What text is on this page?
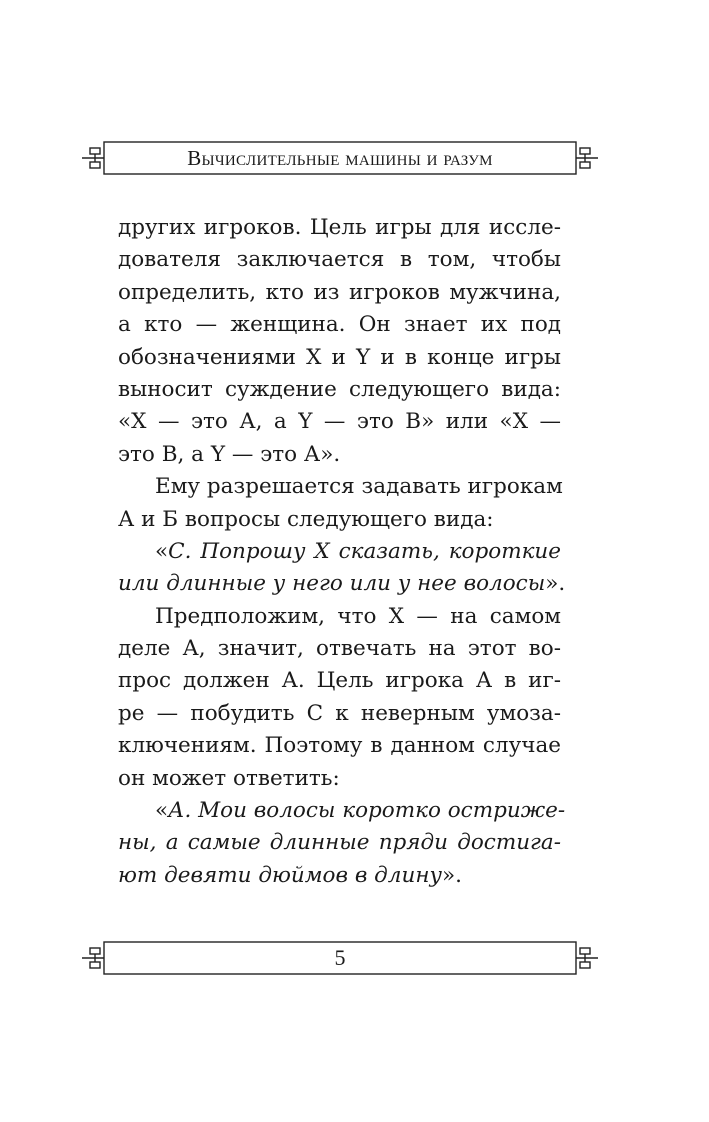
Вычислительные машины и разум
других игроков. Цель игры для иссле-
дователя заключается в том, чтобы
определить, кто из игроков мужчина,
а кто — женщина. Он знает их под
обозначениями X и Y и в конце игры
выносит суждение следующего вида:
«X — это А, а Y — это В» или «X —
это В, а Y — это А».
Ему разрешается задавать игрокам
А и Б вопросы следующего вида:
«С. Попрошу X сказать, короткие
или длинные у него или у нее волосы».
Предположим, что X — на самом
деле А, значит, отвечать на этот во-
прос должен А. Цель игрока А в иг-
ре — побудить С к неверным умоза-
ключениям. Поэтому в данном случае
он может ответить:
«А. Мои волосы коротко остриже-
ны, а самые длинные пряди достига-
ют девяти дюймов в длину».
5
